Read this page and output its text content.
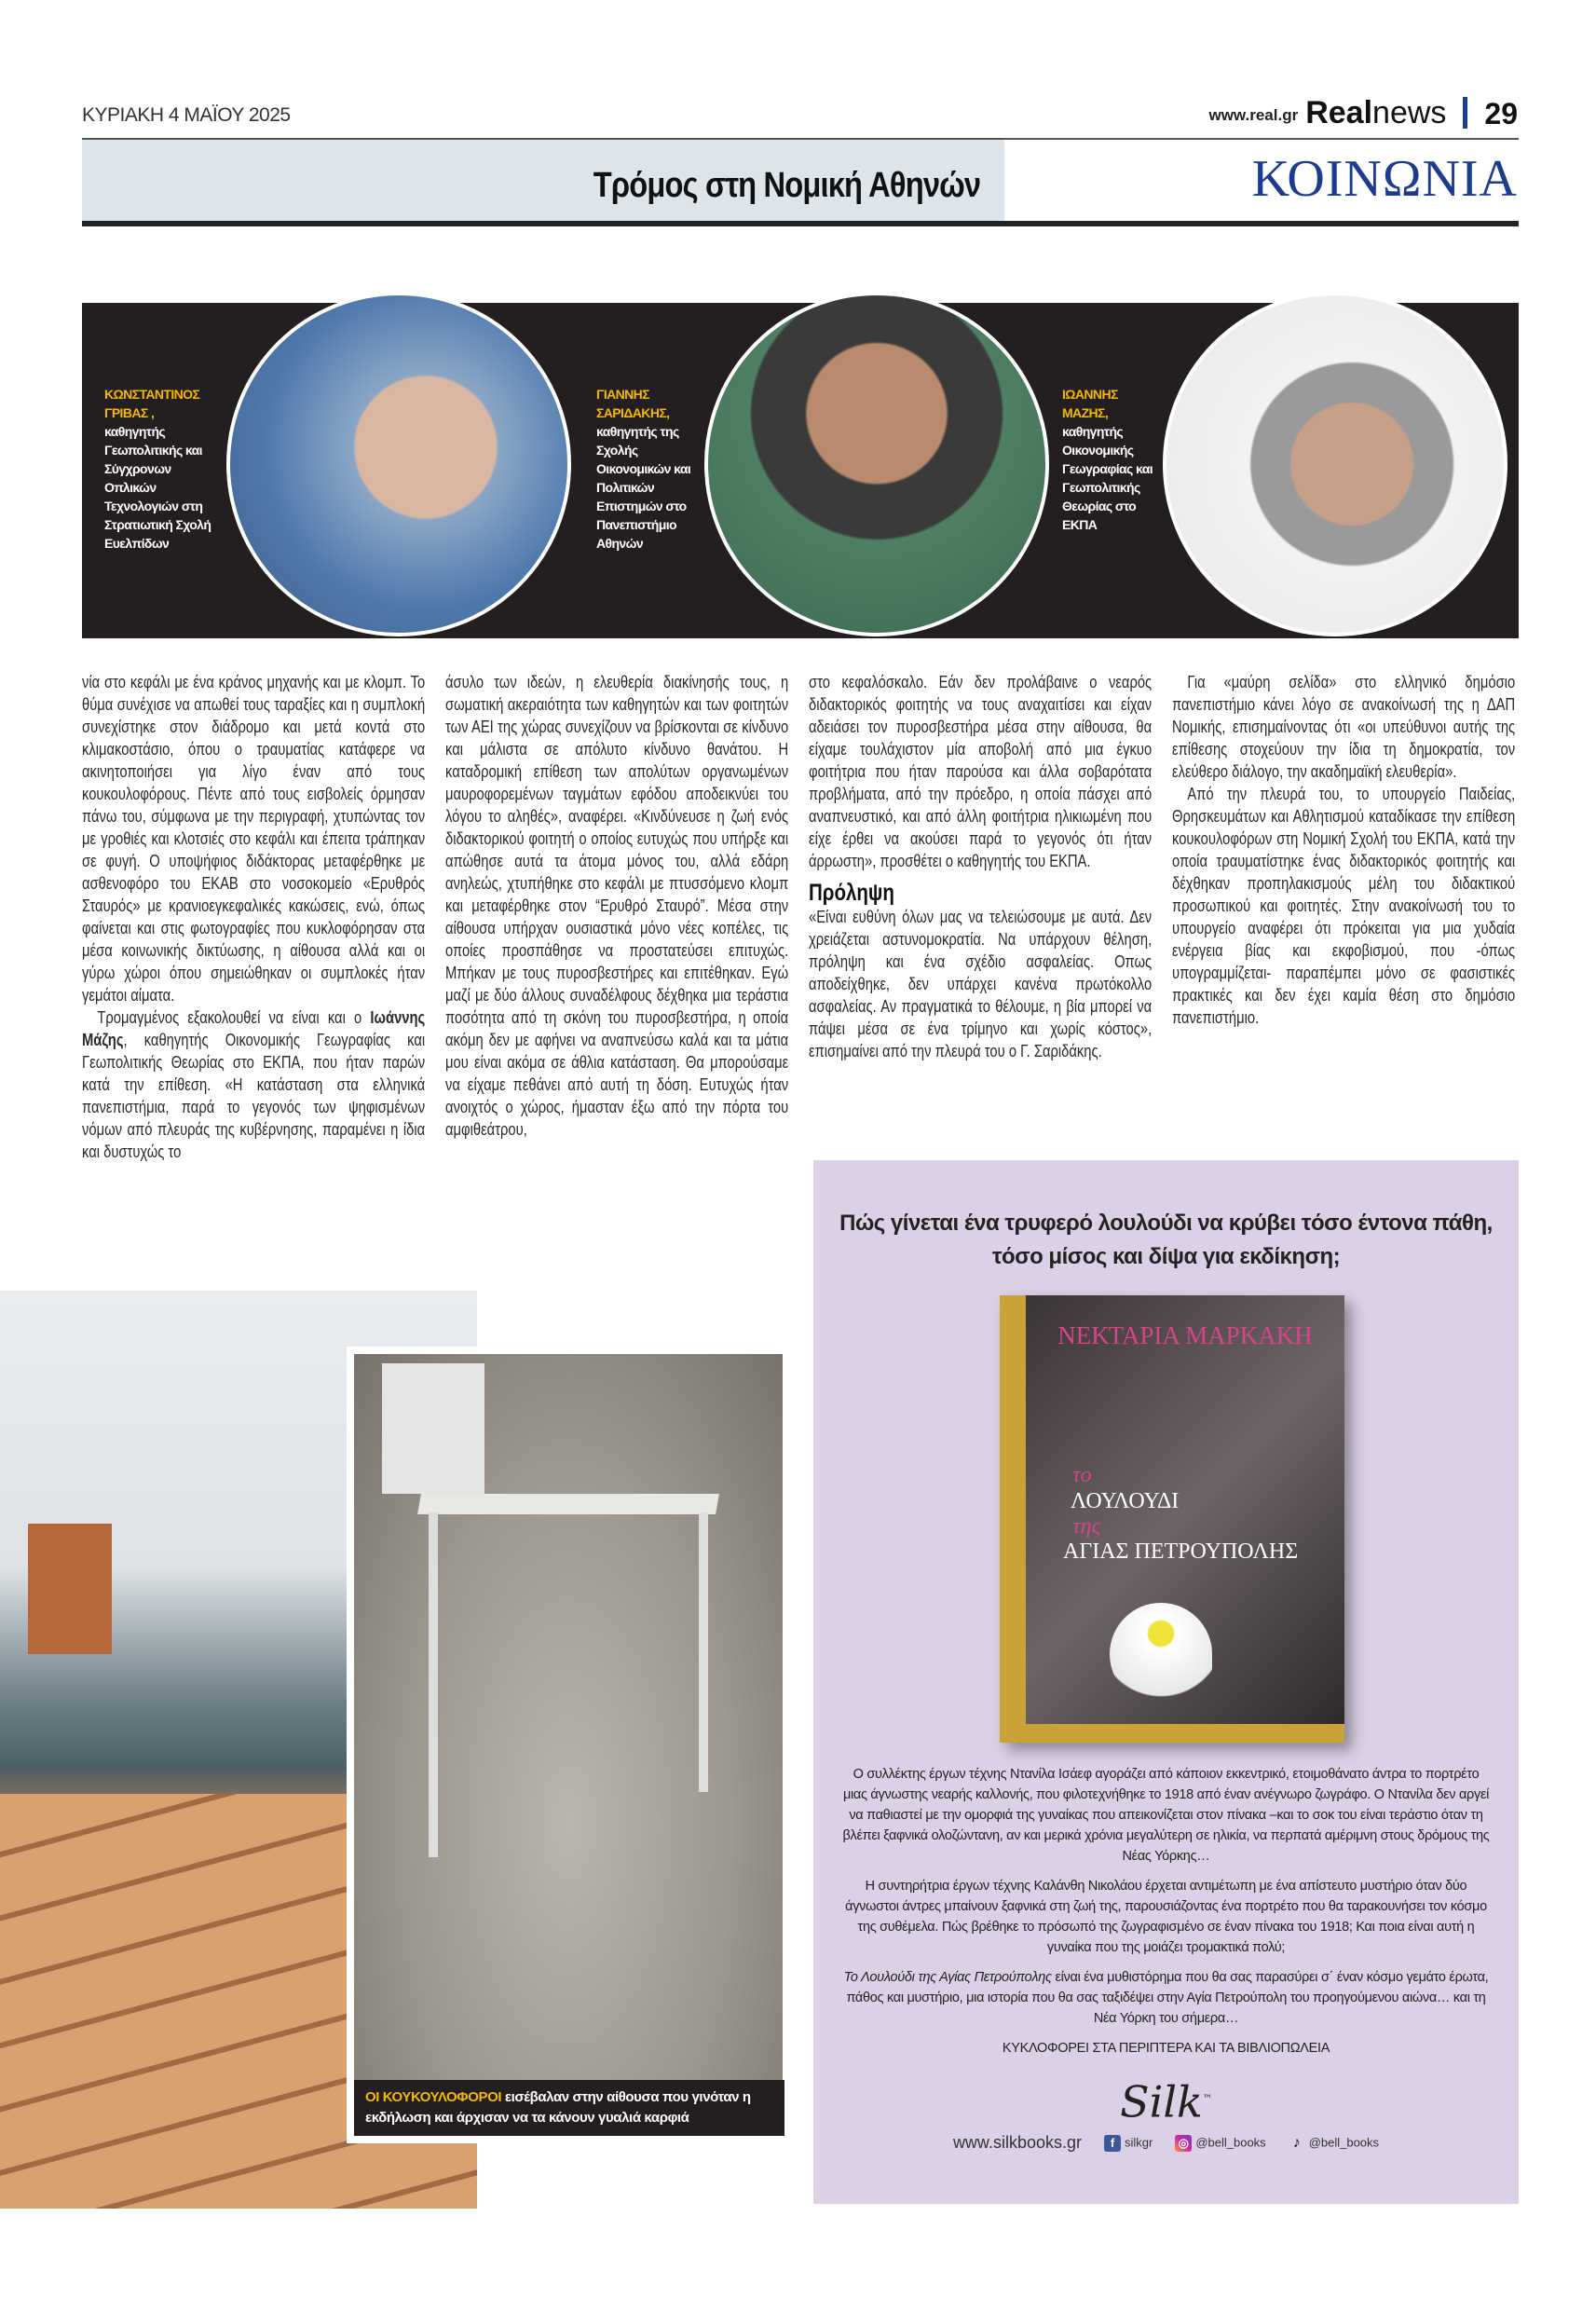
ΚΥΡΙΑΚΗ 4 ΜΑΪΟΥ 2025	www.real.gr Realnews 29
Τρόμος στη Νομική Αθηνών	ΚΟΙΝΩΝΙΑ
ΚΩΝΣΤΑΝΤΙΝΟΣ ΓΡΙΒΑΣ ,
καθηγητής Γεωπολιτικής και Σύγχρονων Οπλικών Τεχνολογιών στη Στρατιωτική Σχολή Ευελπίδων
ΓΙΑΝΝΗΣ ΣΑΡΙΔΑΚΗΣ,
καθηγητής της Σχολής Οικονομικών και Πολιτικών Επιστημών στο Πανεπιστήμιο Αθηνών
ΙΩΑΝΝΗΣ ΜΑΖΗΣ,
καθηγητής Οικονομικής Γεωγραφίας και Γεωπολιτικής Θεωρίας στο ΕΚΠΑ

νία στο κεφάλι με ένα κράνος μηχανής και με κλομπ. Το θύμα συνέχισε να απωθεί τους ταραξίες και η συμπλοκή συνεχίστηκε στον διάδρομο και μετά κοντά στο κλιμακοστάσιο, όπου ο τραυματίας κατάφερε να ακινητοποιήσει για λίγο έναν από τους κουκουλοφόρους. Πέντε από τους εισβολείς όρμησαν πάνω του, σύμφωνα με την περιγραφή, χτυπώντας τον με γροθιές και κλοτσιές στο κεφάλι και έπειτα τράπηκαν σε φυγή. Ο υποψήφιος διδάκτορας μεταφέρθηκε με ασθενοφόρο του ΕΚΑΒ στο νοσοκομείο «Ερυθρός Σταυρός» με κρανιοεγκεφαλικές κακώσεις, ενώ, όπως φαίνεται και στις φωτογραφίες που κυκλοφόρησαν στα μέσα κοινωνικής δικτύωσης, η αίθουσα αλλά και οι γύρω χώροι όπου σημειώθηκαν οι συμπλοκές ήταν γεμάτοι αίματα.

Τρομαγμένος εξακολουθεί να είναι και ο Ιωάννης Μάζης, καθηγητής Οικονομικής Γεωγραφίας και Γεωπολιτικής Θεωρίας στο ΕΚΠΑ, που ήταν παρών κατά την επίθεση. «Η κατάσταση στα ελληνικά πανεπιστήμια, παρά το γεγονός των ψηφισμένων νόμων από πλευράς της κυβέρνησης, παραμένει η ίδια και δυστυχώς το

άσυλο των ιδεών, η ελευθερία διακίνησής τους, η σωματική ακεραιότητα των καθηγητών και των φοιτητών των ΑΕΙ της χώρας συνεχίζουν να βρίσκονται σε κίνδυνο και μάλιστα σε απόλυτο κίνδυνο θανάτου. Η καταδρομική επίθεση των απολύτων οργανωμένων μαυροφορεμένων ταγμάτων εφόδου αποδεικνύει του λόγου το αληθές», αναφέρει. «Κινδύνευσε η ζωή ενός διδακτορικού φοιτητή ο οποίος ευτυχώς που υπήρξε και απώθησε αυτά τα άτομα μόνος του, αλλά εδάρη ανηλεώς, χτυπήθηκε στο κεφάλι με πτυσσόμενο κλομπ και μεταφέρθηκε στον “Ερυθρό Σταυρό”. Μέσα στην αίθουσα υπήρχαν ουσιαστικά μόνο νέες κοπέλες, τις οποίες προσπάθησε να προστατεύσει επιτυχώς. Μπήκαν με τους πυροσβεστήρες και επιτέθηκαν. Εγώ μαζί με δύο άλλους συναδέλφους δέχθηκα μια τεράστια ποσότητα από τη σκόνη του πυροσβεστήρα, η οποία ακόμη δεν με αφήνει να αναπνεύσω καλά και τα μάτια μου είναι ακόμα σε άθλια κατάσταση. Θα μπορούσαμε να είχαμε πεθάνει από αυτή τη δόση. Ευτυχώς ήταν ανοιχτός ο χώρος, ήμασταν έξω από την πόρτα του αμφιθεάτρου,

στο κεφαλόσκαλο. Εάν δεν προλάβαινε ο νεαρός διδακτορικός φοιτητής να τους αναχαιτίσει και είχαν αδειάσει τον πυροσβεστήρα μέσα στην αίθουσα, θα είχαμε τουλάχιστον μία αποβολή από μια έγκυο φοιτήτρια που ήταν παρούσα και άλλα σοβαρότατα προβλήματα, από την πρόεδρο, η οποία πάσχει από αναπνευστικό, και από άλλη φοιτήτρια ηλικιωμένη που είχε έρθει να ακούσει παρά το γεγονός ότι ήταν άρρωστη», προσθέτει ο καθηγητής του ΕΚΠΑ.

Πρόληψη

«Είναι ευθύνη όλων μας να τελειώσουμε με αυτά. Δεν χρειάζεται αστυνομοκρατία. Να υπάρχουν θέληση, πρόληψη και ένα σχέδιο ασφαλείας. Οπως αποδείχθηκε, δεν υπάρχει κανένα πρωτόκολλο ασφαλείας. Αν πραγματικά το θέλουμε, η βία μπορεί να πάψει μέσα σε ένα τρίμηνο και χωρίς κόστος», επισημαίνει από την πλευρά του ο Γ. Σαριδάκης.

Για «μαύρη σελίδα» στο ελληνικό δημόσιο πανεπιστήμιο κάνει λόγο σε ανακοίνωσή της η ΔΑΠ Νομικής, επισημαίνοντας ότι «οι υπεύθυνοι αυτής της επίθεσης στοχεύουν την ίδια τη δημοκρατία, τον ελεύθερο διάλογο, την ακαδημαϊκή ελευθερία».

Από την πλευρά του, το υπουργείο Παιδείας, Θρησκευμάτων και Αθλητισμού καταδίκασε την επίθεση κουκουλοφόρων στη Νομική Σχολή του ΕΚΠΑ, κατά την οποία τραυματίστηκε ένας διδακτορικός φοιτητής και δέχθηκαν προπηλακισμούς μέλη του διδακτικού προσωπικού και φοιτητές. Στην ανακοίνωσή του το υπουργείο αναφέρει ότι πρόκειται για μια χυδαία ενέργεια βίας και εκφοβισμού, που -όπως υπογραμμίζεται- παραπέμπει μόνο σε φασιστικές πρακτικές και δεν έχει καμία θέση στο δημόσιο πανεπιστήμιο.

ΟΙ ΚΟΥΚΟΥΛΟΦΟΡΟΙ εισέβαλαν στην αίθουσα που γινόταν η εκδήλωση και άρχισαν να τα κάνουν γυαλιά καρφιά
Πώς γίνεται ένα τρυφερό λουλούδι να κρύβει τόσο έντονα πάθη,
τόσο μίσος και δίψα για εκδίκηση;
ΝΕΚΤΑΡΙΑ ΜΑΡΚΑΚΗ
το
ΛΟΥΛΟΥΔΙ
της
ΑΓΙΑΣ ΠΕΤΡΟΥΠΟΛΗΣ
Ο συλλέκτης έργων τέχνης Ντανίλα Ισάεφ αγοράζει από κάποιον εκκεντρικό, ετοιμοθάνατο άντρα το πορτρέτο μιας άγνωστης νεαρής καλλονής, που φιλοτεχνήθηκε το 1918 από έναν ανέγνωρο ζωγράφο. Ο Ντανίλα δεν αργεί να παθιαστεί με την ομορφιά της γυναίκας που απεικονίζεται στον πίνακα –και το σοκ του είναι τεράστιο όταν τη βλέπει ξαφνικά ολοζώντανη, αν και μερικά χρόνια μεγαλύτερη σε ηλικία, να περπατά αμέριμνη στους δρόμους της Νέας Υόρκης…
Η συντηρήτρια έργων τέχνης Καλάνθη Νικολάου έρχεται αντιμέτωπη με ένα απίστευτο μυστήριο όταν δύο άγνωστοι άντρες μπαίνουν ξαφνικά στη ζωή της, παρουσιάζοντας ένα πορτρέτο που θα ταρακουνήσει τον κόσμο της συθέμελα. Πώς βρέθηκε το πρόσωπό της ζωγραφισμένο σε έναν πίνακα του 1918; Και ποια είναι αυτή η γυναίκα που της μοιάζει τρομακτικά πολύ;
Το Λουλούδι της Αγίας Πετρούπολης είναι ένα μυθιστόρημα που θα σας παρασύρει σ΄ έναν κόσμο γεμάτο έρωτα, πάθος και μυστήριο, μια ιστορία που θα σας ταξιδέψει στην Αγία Πετρούπολη του προηγούμενου αιώνα… και τη Νέα Υόρκη του σήμερα…
ΚΥΚΛΟΦΟΡΕΙ ΣΤΑ ΠΕΡΙΠΤΕΡΑ ΚΑΙ ΤΑ ΒΙΒΛΙΟΠΩΛΕΙΑ
Silk™
www.silkbooks.gr	f silkgr ◎ @bell_books	♪ @bell_books
